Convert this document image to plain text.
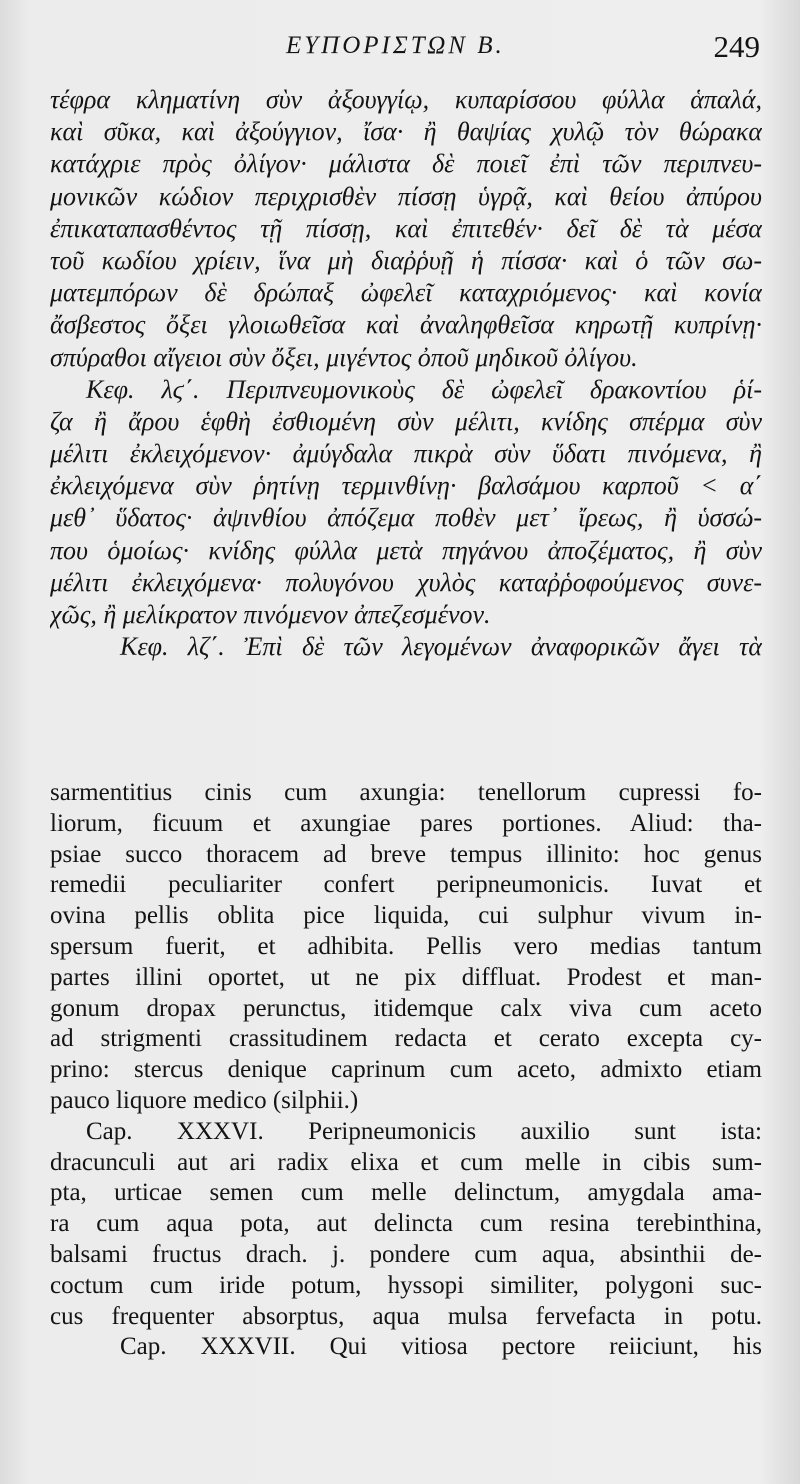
ΕΥΠΟΡΙΣΤΩΝ Β.	249
τέφρα κληματίνη σὺν ἀξουγγίῳ, κυπαρίσσου φύλλα ἁπαλά,
καὶ σῦκα, καὶ ἀξούγγιον, ἴσα· ἢ θαψίας χυλῷ τὸν θώρακα
κατάχριε πρὸς ὀλίγον· μάλιστα δὲ ποιεῖ ἐπὶ τῶν περιπνευ-
μονικῶν κώδιον περιχρισθὲν πίσσῃ ὑγρᾷ, καὶ θείου ἀπύρου
ἐπικαταπασθέντος τῇ πίσσῃ, καὶ ἐπιτεθέν· δεῖ δὲ τὰ μέσα
τοῦ κωδίου χρίειν, ἵνα μὴ διαῤῥυῇ ἡ πίσσα· καὶ ὁ τῶν σω-
ματεμπόρων δὲ δρώπαξ ὠφελεῖ καταχριόμενος· καὶ κονία
ἄσβεστος ὄξει γλοιωθεῖσα καὶ ἀναληφθεῖσα κηρωτῇ κυπρίνῃ·
σπύραθοι αἴγειοι σὺν ὄξει, μιγέντος ὀποῦ μηδικοῦ ὀλίγου.
Κεφ. λϛ΄. Περιπνευμονικοὺς δὲ ὠφελεῖ δρακοντίου ῥί-
ζα ἢ ἄρου ἑφθὴ ἐσθιομένη σὺν μέλιτι, κνίδης σπέρμα σὺν
μέλιτι ἐκλειχόμενον· ἀμύγδαλα πικρὰ σὺν ὕδατι πινόμενα, ἢ
ἐκλειχόμενα σὺν ῥητίνῃ τερμινθίνῃ· βαλσάμου καρποῦ < α΄
μεθ᾽ ὕδατος· ἀψινθίου ἀπόζεμα ποθὲν μετ᾽ ἴρεως, ἢ ὑσσώ-
που ὁμοίως· κνίδης φύλλα μετὰ πηγάνου ἀποζέματος, ἢ σὺν
μέλιτι ἐκλειχόμενα· πολυγόνου χυλὸς καταῤῥοφούμενος συνε-
χῶς, ἢ μελίκρατον πινόμενον ἀπεζεσμένον.
Κεφ. λζ΄. Ἐπὶ δὲ τῶν λεγομένων ἀναφορικῶν ἄγει τὰ
sarmentitius cinis cum axungia: tenellorum cupressi fo-
liorum, ficuum et axungiae pares portiones. Aliud: tha-
psiae succo thoracem ad breve tempus illinito: hoc genus
remedii peculiariter confert peripneumonicis. Iuvat et
ovina pellis oblita pice liquida, cui sulphur vivum in-
spersum fuerit, et adhibita. Pellis vero medias tantum
partes illini oportet, ut ne pix diffluat. Prodest et man-
gonum dropax perunctus, itidemque calx viva cum aceto
ad strigmenti crassitudinem redacta et cerato excepta cy-
prino: stercus denique caprinum cum aceto, admixto etiam
pauco liquore medico (silphii.)
Cap. XXXVI. Peripneumonicis auxilio sunt ista:
dracunculi aut ari radix elixa et cum melle in cibis sum-
pta, urticae semen cum melle delinctum, amygdala ama-
ra cum aqua pota, aut delincta cum resina terebinthina,
balsami fructus drach. j. pondere cum aqua, absinthii de-
coctum cum iride potum, hyssopi similiter, polygoni suc-
cus frequenter absorptus, aqua mulsa fervefacta in potu.
Cap. XXXVII. Qui vitiosa pectore reiiciunt, his
